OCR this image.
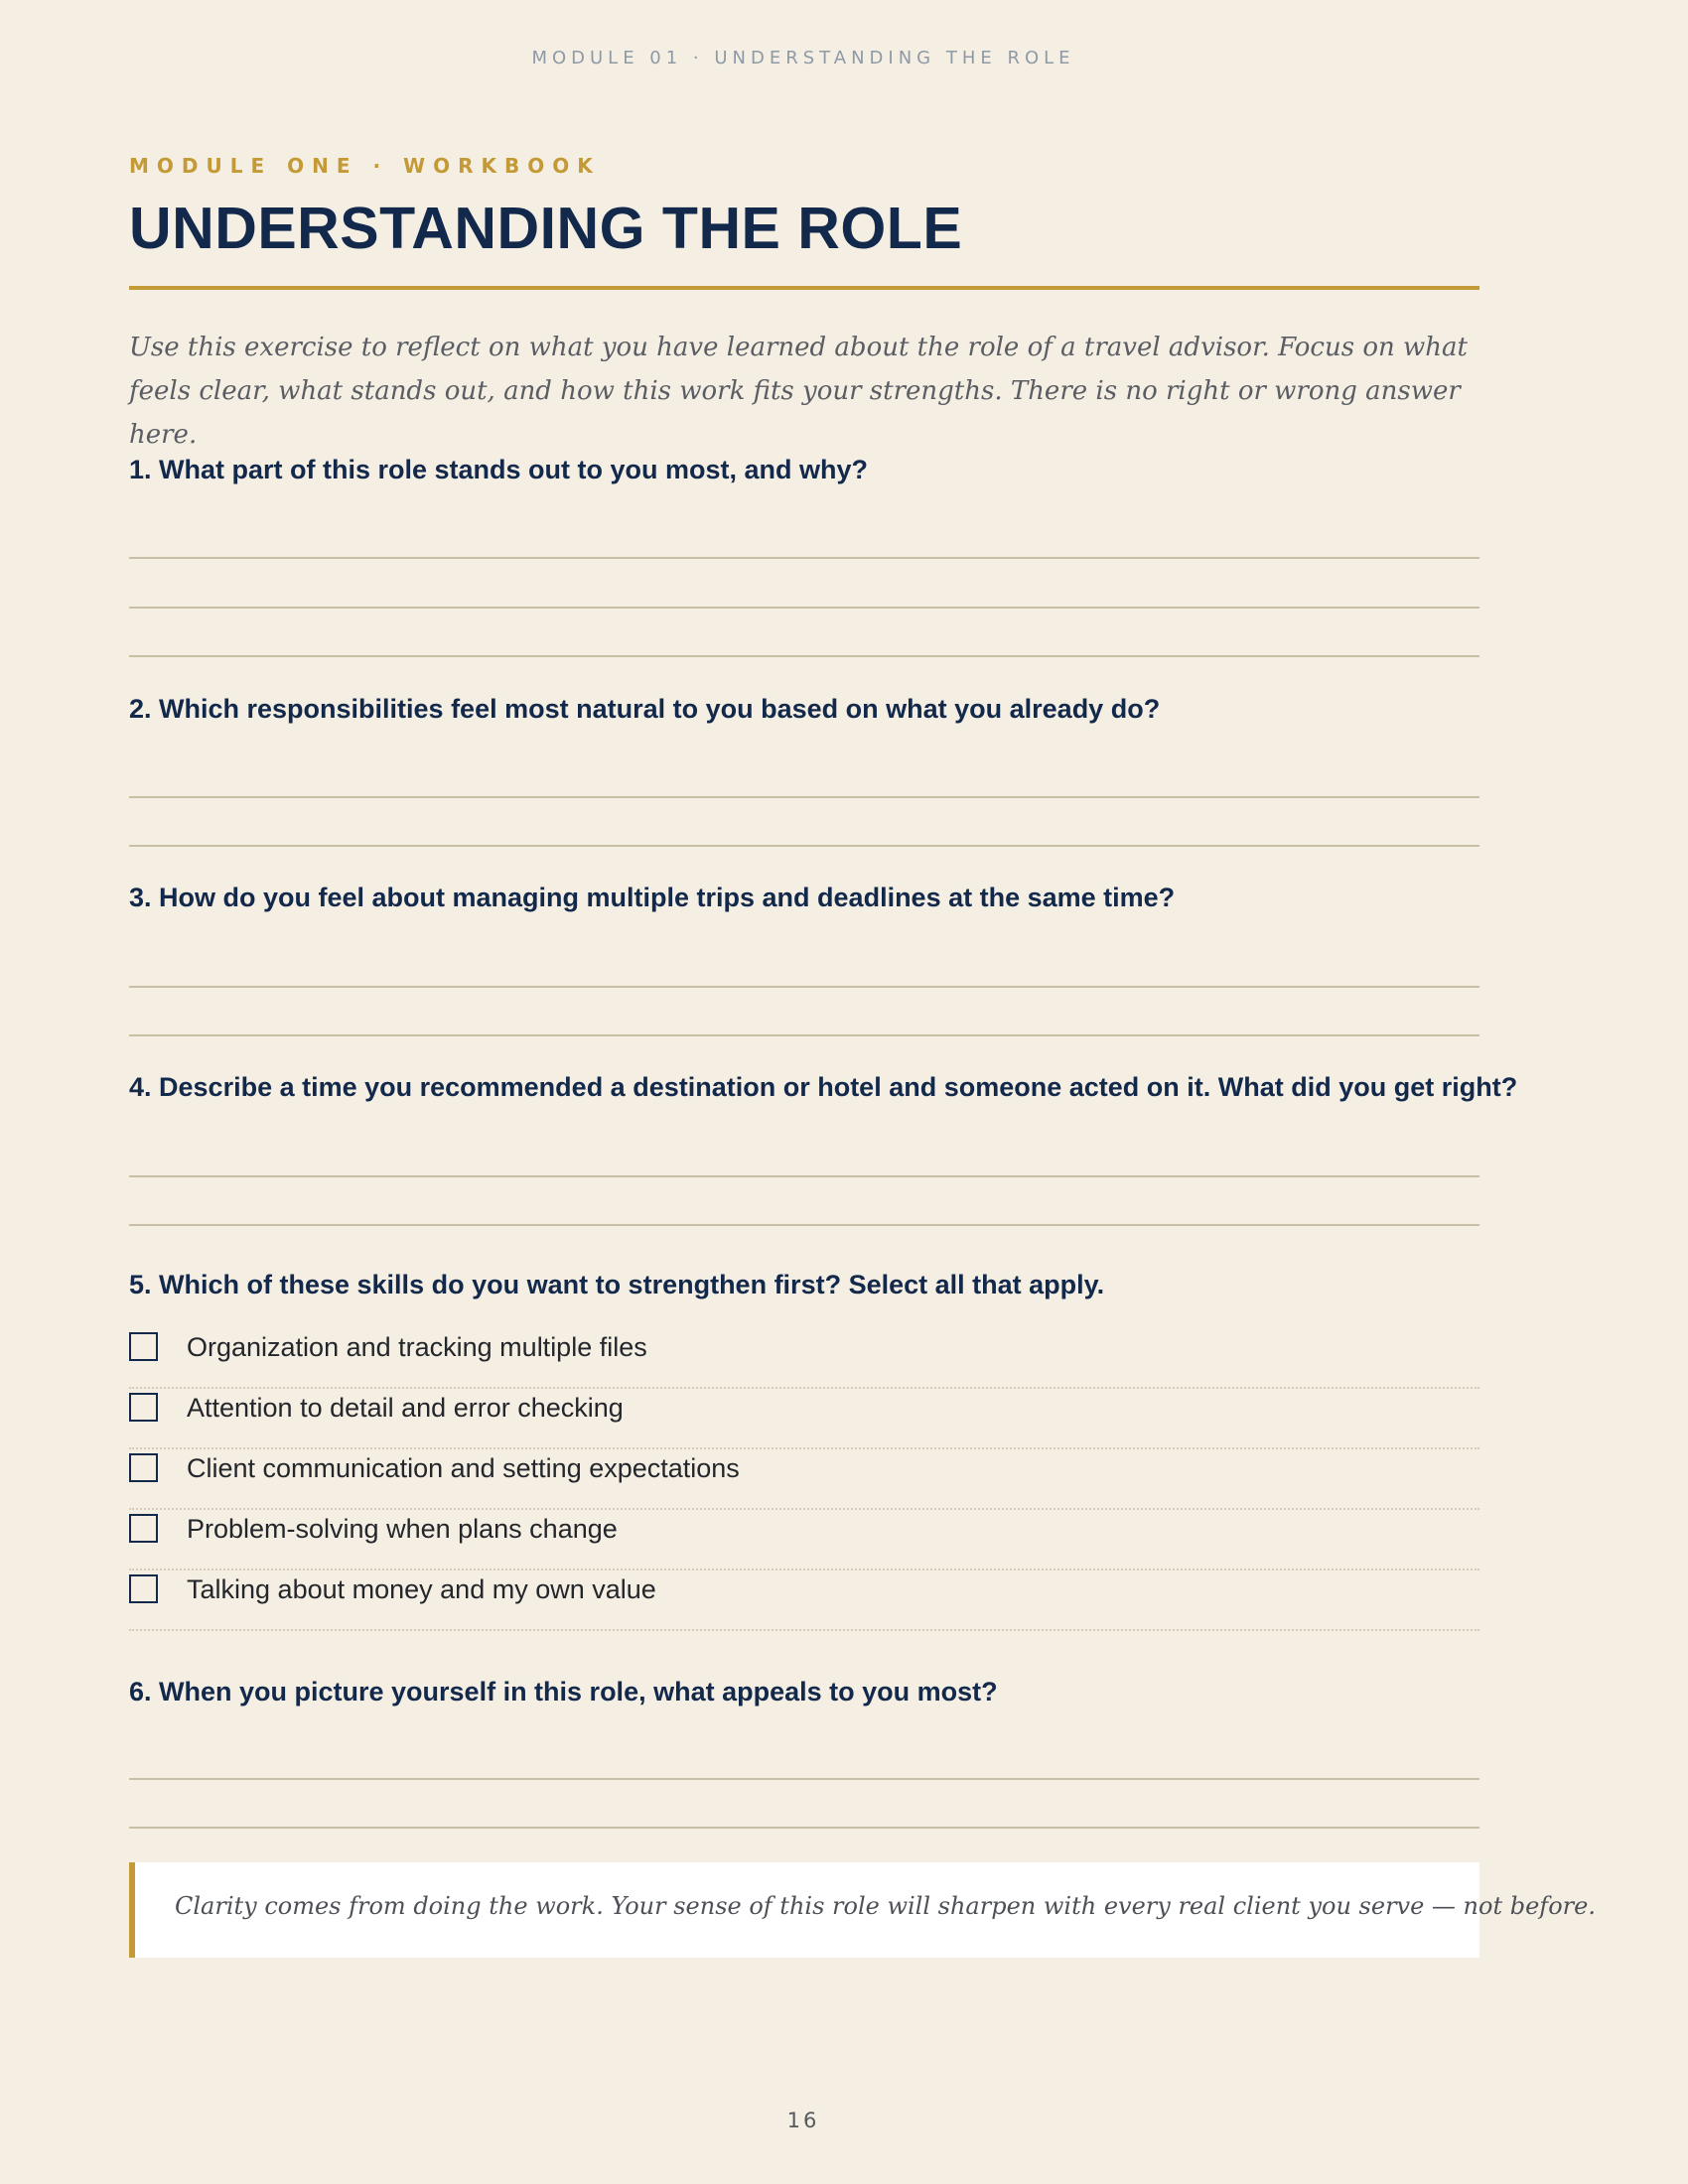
MODULE 01 · UNDERSTANDING THE ROLE
MODULE ONE · WORKBOOK
UNDERSTANDING THE ROLE

Use this exercise to reflect on what you have learned about the role of a travel advisor. Focus on what feels clear, what stands out, and how this work fits your strengths. There is no right or wrong answer here.

1. What part of this role stands out to you most, and why?

2. Which responsibilities feel most natural to you based on what you already do?

3. How do you feel about managing multiple trips and deadlines at the same time?

4. Describe a time you recommended a destination or hotel and someone acted on it. What did you get right?

5. Which of these skills do you want to strengthen first? Select all that apply.

Organization and tracking multiple files
Attention to detail and error checking
Client communication and setting expectations
Problem-solving when plans change
Talking about money and my own value

6. When you picture yourself in this role, what appeals to you most?

Clarity comes from doing the work. Your sense of this role will sharpen with every real client you serve — not before.
16
